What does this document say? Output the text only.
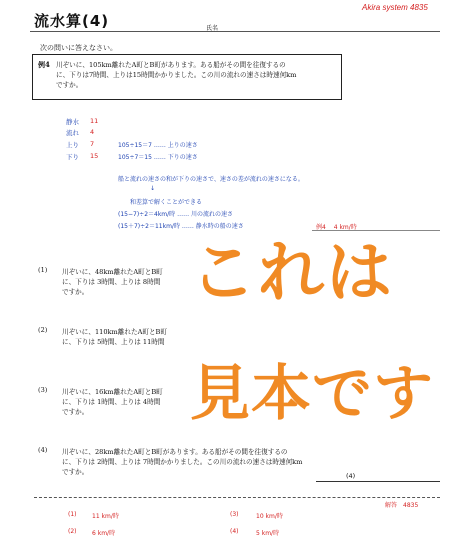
流水算(4)	氏名
Akira system 4835
次の問いに答えなさい。
例4 川ぞいに、105km離れたA町とB町があります。ある船がその間を往復するの
に、下りは7時間、上りは15時間かかりました。この川の流れの速さは時速何km
ですか。
静水 11
流れ 4
上り 7	105÷15＝7 …… 上りの速さ
下り 15	105÷7＝15 …… 下りの速さ
船と流れの速さの和が下りの速さで、速さの差が流れの速さになる。
↓
和差算で解くことができる
(15−7)÷2＝4km/時 …… 川の流れの速さ
(15＋7)÷2＝11km/時 …… 静水時の船の速さ	例4　 4 km/時
(1) 川ぞいに、48km離れたA町とB町
に、下りは 3時間、上りは 8時間
ですか。
(2) 川ぞいに、110km離れたA町とB町
に、下りは 5時間、上りは 11時間
(3) 川ぞいに、16km離れたA町とB町
に、下りは 1時間、上りは 4時間
ですか。
(4) 川ぞいに、28km離れたA町とB町があります。ある船がその間を往復するの
に、下りは 2時間、上りは 7時間かかりました。この川の流れの速さは時速何km
ですか。	(4)
これは
見本です
解答　4835
(1)	11 km/時	(3)	10 km/時
(2)	6 km/時	(4)	5 km/時
